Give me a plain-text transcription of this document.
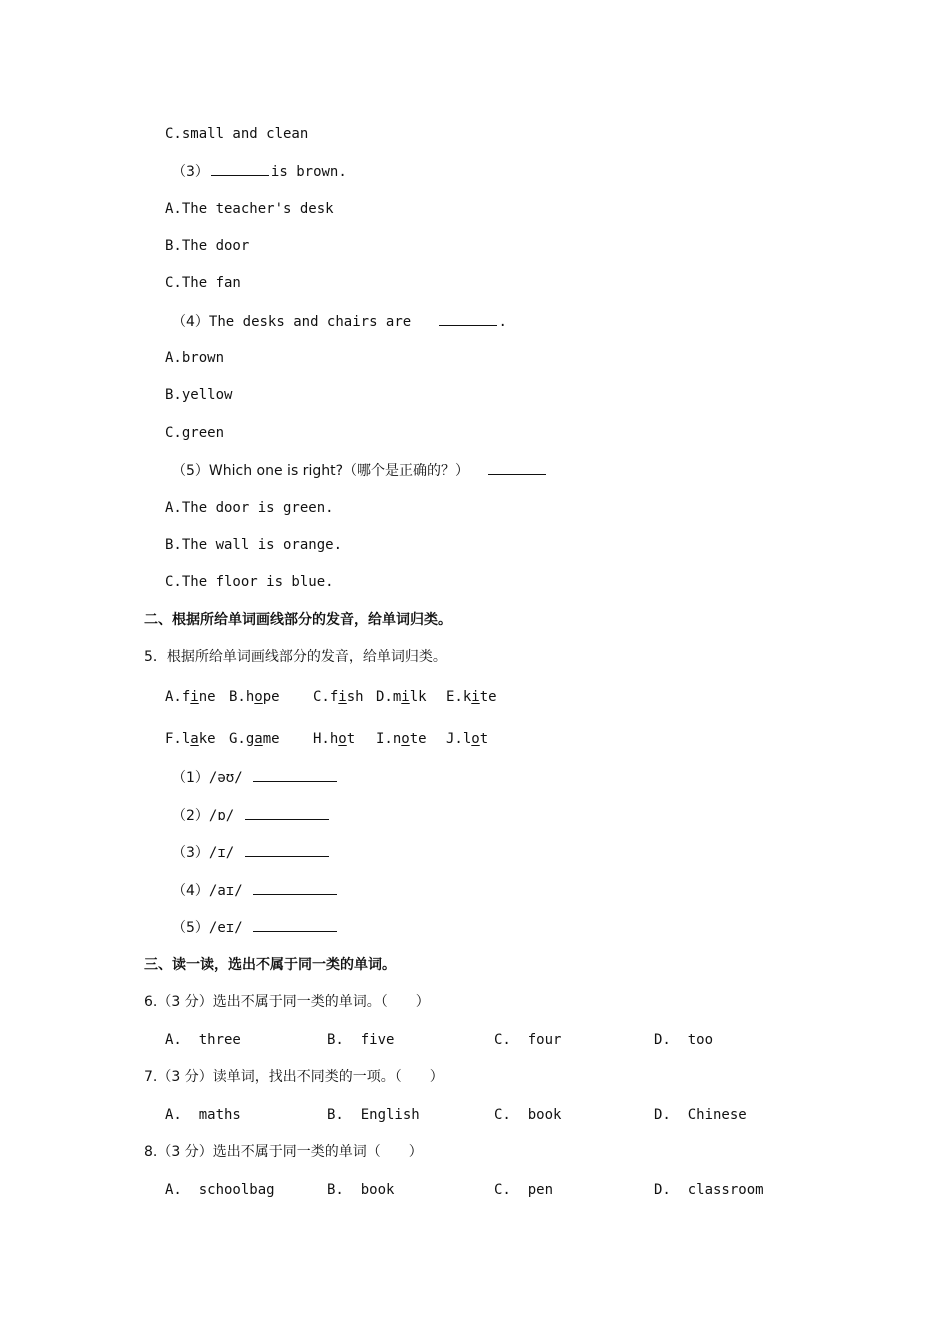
C.small and clean
（3）	is brown.
A.The teacher's desk
B.The door
C.The fan
（4）The desks and chairs are	.
A.brown
B.yellow
C.green
（5）Which one is right?（哪个是正确的？）
A.The door is green.
B.The wall is orange.
C.The floor is blue.
二、根据所给单词画线部分的发音，给单词归类。
5．根据所给单词画线部分的发音，给单词归类。
A.fine B.hope C.fish D.milk E.kite
F.lake G.game H.hot I.note J.lot
（1）/əʊ/
（2）/ɒ/
（3）/ɪ/
（4）/aɪ/
（5）/eɪ/
三、读一读，选出不属于同一类的单词。
6.（3 分）选出不属于同一类的单词。（　　）
A.  three	B.  five	C.  four	D.  too
7.（3 分）读单词，找出不同类的一项。（　　）
A.  maths	B.  English	C.  book	D.  Chinese
8.（3 分）选出不属于同一类的单词（　　）
A.  schoolbag	B.  book	C.  pen	D.  classroom
